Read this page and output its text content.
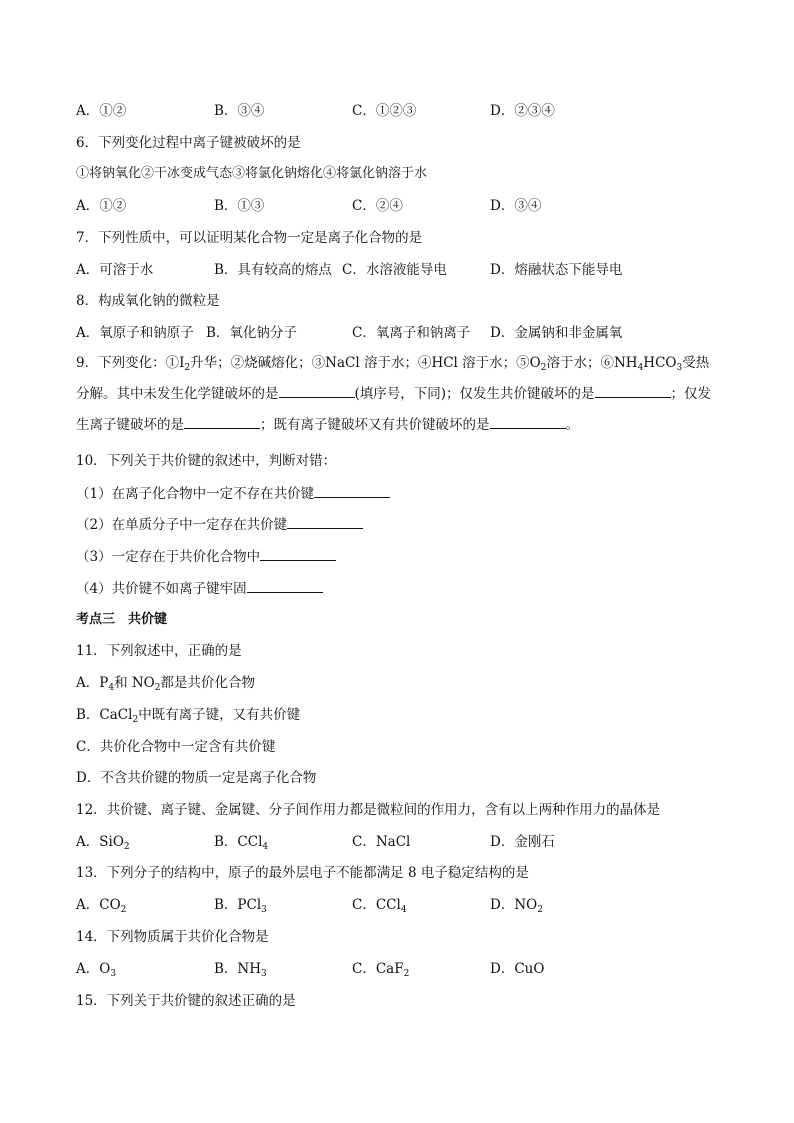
A．①②	B．③④	C．①②③	D．②③④
6．下列变化过程中离子键被破坏的是
①将钠氧化②干冰变成气态③将氯化钠熔化④将氯化钠溶于水
A．①②	B．①③	C．②④	D．③④
7．下列性质中，可以证明某化合物一定是离子化合物的是
A．可溶于水	B．具有较高的熔点 C．水溶液能导电	D．熔融状态下能导电
8．构成氧化钠的微粒是
A．氧原子和钠原子 B．氧化钠分子	C．氧离子和钠离子 D．金属钠和非金属氧
9．下列变化：$①I_2$升华；②烧碱熔化；③NaCl 溶于水；④HCl 溶于水；$⑤O_2$溶于水；$⑥NH_4HCO_3$受热分解。其中未发生化学键破坏的是	(填序号，下同)；仅发生共价键破坏的是	；仅发生离子键破坏的是	；既有离子键破坏又有共价键破坏的是	。
10．下列关于共价键的叙述中，判断对错：
（1）在离子化合物中一定不存在共价键
（2）在单质分子中一定存在共价键
（3）一定存在于共价化合物中
（4）共价键不如离子键牢固
考点三　共价键
11．下列叙述中，正确的是
A．$P_4$和 $NO_2$都是共价化合物
B．CaCl$_2$中既有离子键，又有共价键
C．共价化合物中一定含有共价键
D．不含共价键的物质一定是离子化合物
12．共价键、离子键、金属键、分子间作用力都是微粒间的作用力，含有以上两种作用力的晶体是
A．SiO$_2$	B．CCl$_4$	C．NaCl	D．金刚石
13．下列分子的结构中，原子的最外层电子不能都满足 8 电子稳定结构的是
A．$CO_2$	B．PCl$_3$	C．CCl$_4$	D．$NO_2$
14．下列物质属于共价化合物是
A．$O_3$	B．$NH_3$	C．CaF$_2$	D．CuO
15．下列关于共价键的叙述正确的是
